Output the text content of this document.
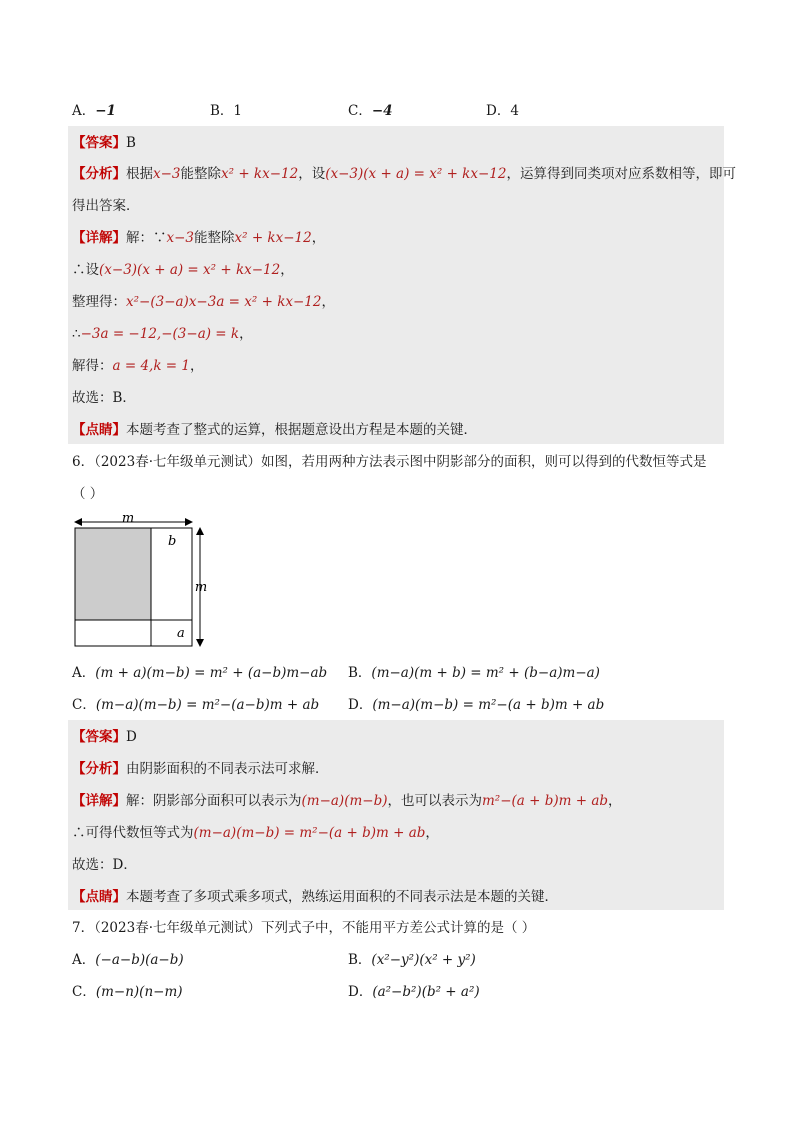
A．−1	B．1	C．−4	D．4
【答案】B
【分析】根据x−3能整除x² + kx−12，设(x−3)(x + a) = x² + kx−12，运算得到同类项对应系数相等，即可
得出答案．
【详解】解：∵x−3能整除x² + kx−12，
∴设(x−3)(x + a) = x² + kx−12，
整理得：x²−(3−a)x−3a = x² + kx−12，
∴−3a = −12,−(3−a) = k，
解得：a = 4,k = 1，
故选：B．
【点睛】本题考查了整式的运算，根据题意设出方程是本题的关键．
6．（2023春·七年级单元测试）如图，若用两种方法表示图中阴影部分的面积，则可以得到的代数恒等式是
（ ）
m
b
a
m
A．(m + a)(m−b) = m² + (a−b)m−ab B．(m−a)(m + b) = m² + (b−a)m−a)
C．(m−a)(m−b) = m²−(a−b)m + ab D．(m−a)(m−b) = m²−(a + b)m + ab
【答案】D
【分析】由阴影面积的不同表示法可求解．
【详解】解：阴影部分面积可以表示为(m−a)(m−b)，也可以表示为m²−(a + b)m + ab，
∴可得代数恒等式为(m−a)(m−b) = m²−(a + b)m + ab，
故选：D．
【点睛】本题考查了多项式乘多项式，熟练运用面积的不同表示法是本题的关键．
7．（2023春·七年级单元测试）下列式子中，不能用平方差公式计算的是（ ）
A．(−a−b)(a−b)	B．(x²−y²)(x² + y²)
C．(m−n)(n−m)	D．(a²−b²)(b² + a²)
